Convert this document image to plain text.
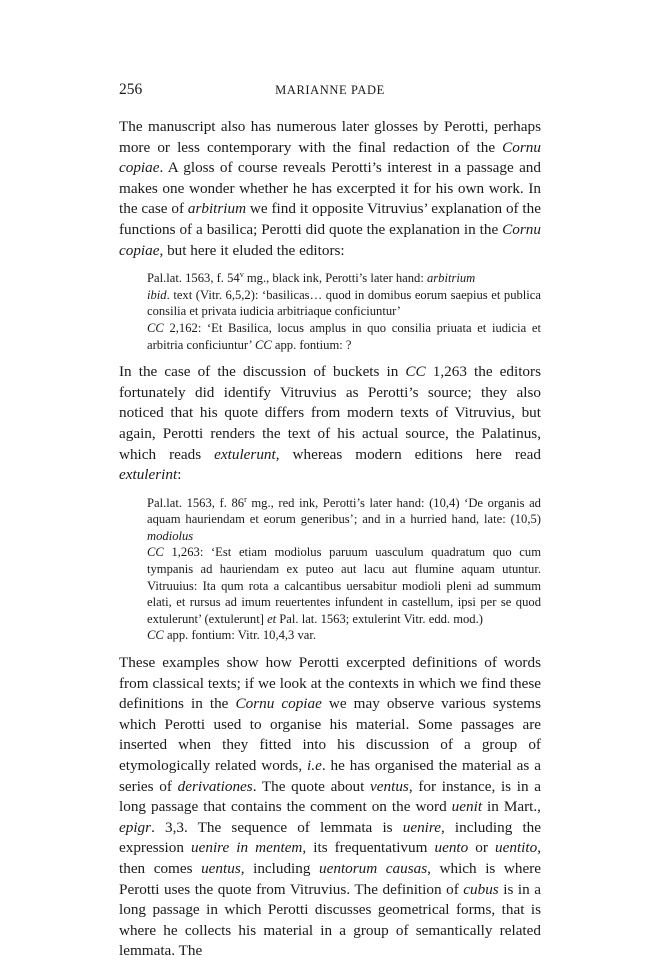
256	MARIANNE PADE

The manuscript also has numerous later glosses by Perotti, perhaps more or less contemporary with the final redaction of the Cornu copiae. A gloss of course reveals Perotti’s interest in a passage and makes one wonder whether he has excerpted it for his own work. In the case of arbitrium we find it opposite Vitruvius’ explanation of the functions of a basilica; Perotti did quote the explanation in the Cornu copiae, but here it eluded the editors:

Pal.lat. 1563, f. 54$^v$ mg., black ink, Perotti’s later hand: arbitrium
ibid. text (Vitr. 6,5,2): ‘basilicas… quod in domibus eorum saepius et publica consilia et privata iudicia arbitriaque conficiuntur’
CC 2,162: ‘Et Basilica, locus amplus in quo consilia priuata et iudicia et arbitria conficiuntur’ CC app. fontium: ?

In the case of the discussion of buckets in CC 1,263 the editors fortunately did identify Vitruvius as Perotti’s source; they also noticed that his quote differs from modern texts of Vitruvius, but again, Perotti renders the text of his actual source, the Palatinus, which reads extulerunt, whereas modern editions here read extulerint:

Pal.lat. 1563, f. 86$^r$ mg., red ink, Perotti’s later hand: (10,4) ‘De organis ad aquam hauriendam et eorum generibus’; and in a hurried hand, late: (10,5) modiolus
CC 1,263: ‘Est etiam modiolus paruum uasculum quadratum quo cum tympanis ad hauriendam ex puteo aut lacu aut flumine aquam utuntur. Vitruuius: Ita qum rota a calcantibus uersabitur modioli pleni ad summum elati, et rursus ad imum reuertentes infundent in castellum, ipsi per se quod extulerunt’ (extulerunt] et Pal. lat. 1563; extulerint Vitr. edd. mod.)
CC app. fontium: Vitr. 10,4,3 var.

These examples show how Perotti excerpted definitions of words from classical texts; if we look at the contexts in which we find these definitions in the Cornu copiae we may observe various systems which Perotti used to organise his material. Some passages are inserted when they fitted into his discussion of a group of etymologically related words, i.e. he has organised the material as a series of derivationes. The quote about ventus, for instance, is in a long passage that contains the comment on the word uenit in Mart., epigr. 3,3. The sequence of lemmata is uenire, including the expression uenire in mentem, its frequentativum uento or uentito, then comes uentus, including uentorum causas, which is where Perotti uses the quote from Vitruvius. The definition of cubus is in a long passage in which Perotti discusses geometrical forms, that is where he collects his material in a group of semantically related lemmata. The
